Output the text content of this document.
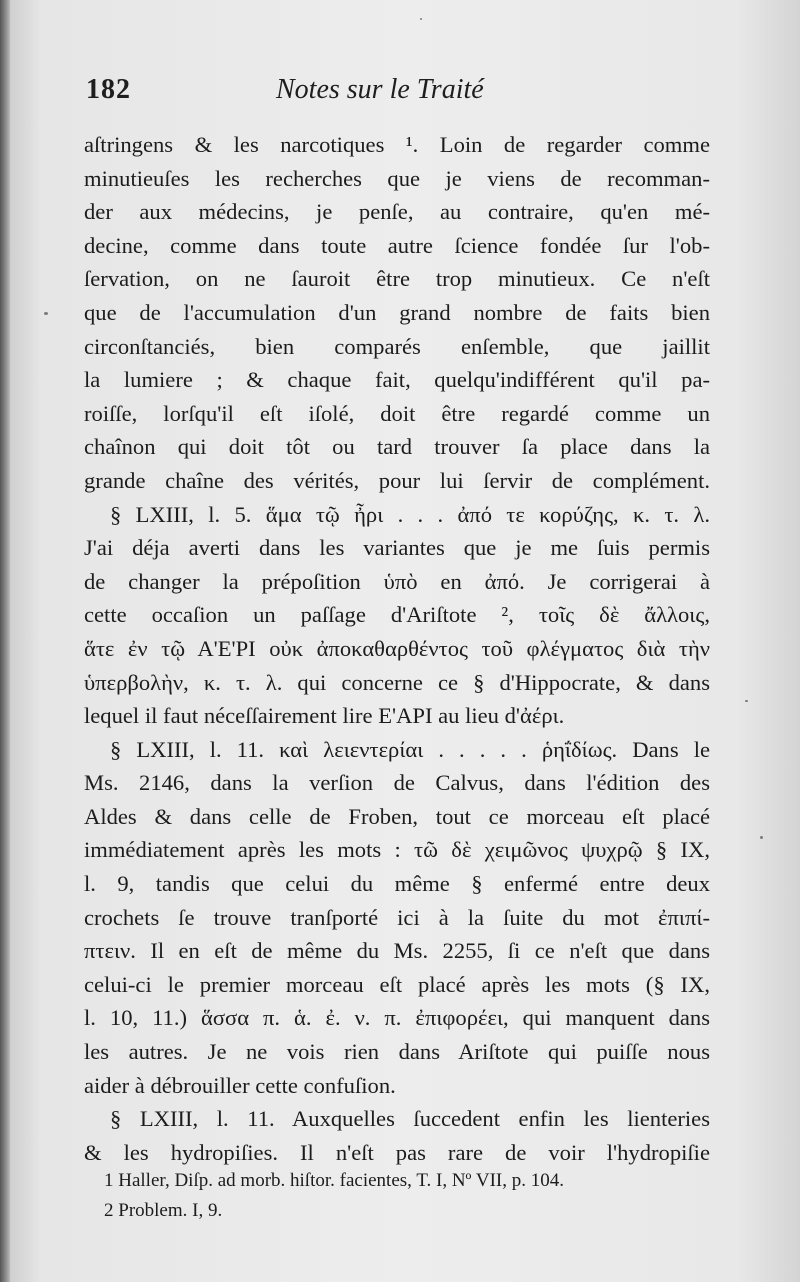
182	Notes sur le Traité
aſtringens & les narcotiques ¹. Loin de regarder comme
minutieuſes les recherches que je viens de recomman-
der aux médecins, je penſe, au contraire, qu'en mé-
decine, comme dans toute autre ſcience fondée ſur l'ob-
ſervation, on ne ſauroit être trop minutieux. Ce n'eſt
que de l'accumulation d'un grand nombre de faits bien
circonſtanciés, bien comparés enſemble, que jaillit
la lumiere ; & chaque fait, quelqu'indifférent qu'il pa-
roiſſe, lorſqu'il eſt iſolé, doit être regardé comme un
chaînon qui doit tôt ou tard trouver ſa place dans la
grande chaîne des vérités, pour lui ſervir de complément.
§ LXIII, l. 5. ἅμα τῷ ἦρι . . . ἀπό τε κορύζης, κ. τ. λ.
J'ai déja averti dans les variantes que je me ſuis permis
de changer la prépoſition ὑπὸ en ἀπό. Je corrigerai à
cette occaſion un paſſage d'Ariſtote ², τοῖς δὲ ἄλλοις,
ἅτε ἐν τῷ Α'Ε'ΡΙ οὐκ ἀποκαθαρθέντος τοῦ φλέγματος διὰ τὴν
ὑπερβολὴν, κ. τ. λ. qui concerne ce § d'Hippocrate, & dans
lequel il faut néceſſairement lire Ε'ΑΡΙ au lieu d'ἀέρι.
§ LXIII, l. 11. καὶ λειεντερίαι . . . . . ῥηΐδίως. Dans le
Ms. 2146, dans la verſion de Calvus, dans l'édition des
Aldes & dans celle de Froben, tout ce morceau eſt placé
immédiatement après les mots : τῶ δὲ χειμῶνος ψυχρῷ § IX,
l. 9, tandis que celui du même § enfermé entre deux
crochets ſe trouve tranſporté ici à la ſuite du mot ἐπιπί-
πτειν. Il en eſt de même du Ms. 2255, ſi ce n'eſt que dans
celui-ci le premier morceau eſt placé après les mots (§ IX,
l. 10, 11.) ἅσσα π. ἁ. ἐ. ν. π. ἐπιφορέει, qui manquent dans
les autres. Je ne vois rien dans Ariſtote qui puiſſe nous
aider à débrouiller cette confuſion.
§ LXIII, l. 11. Auxquelles ſuccedent enfin les lienteries
& les hydropiſies. Il n'eſt pas rare de voir l'hydropiſie
1 Haller, Diſp. ad morb. hiſtor. facientes, T. I, Nº VII, p. 104.
2 Problem. I, 9.
